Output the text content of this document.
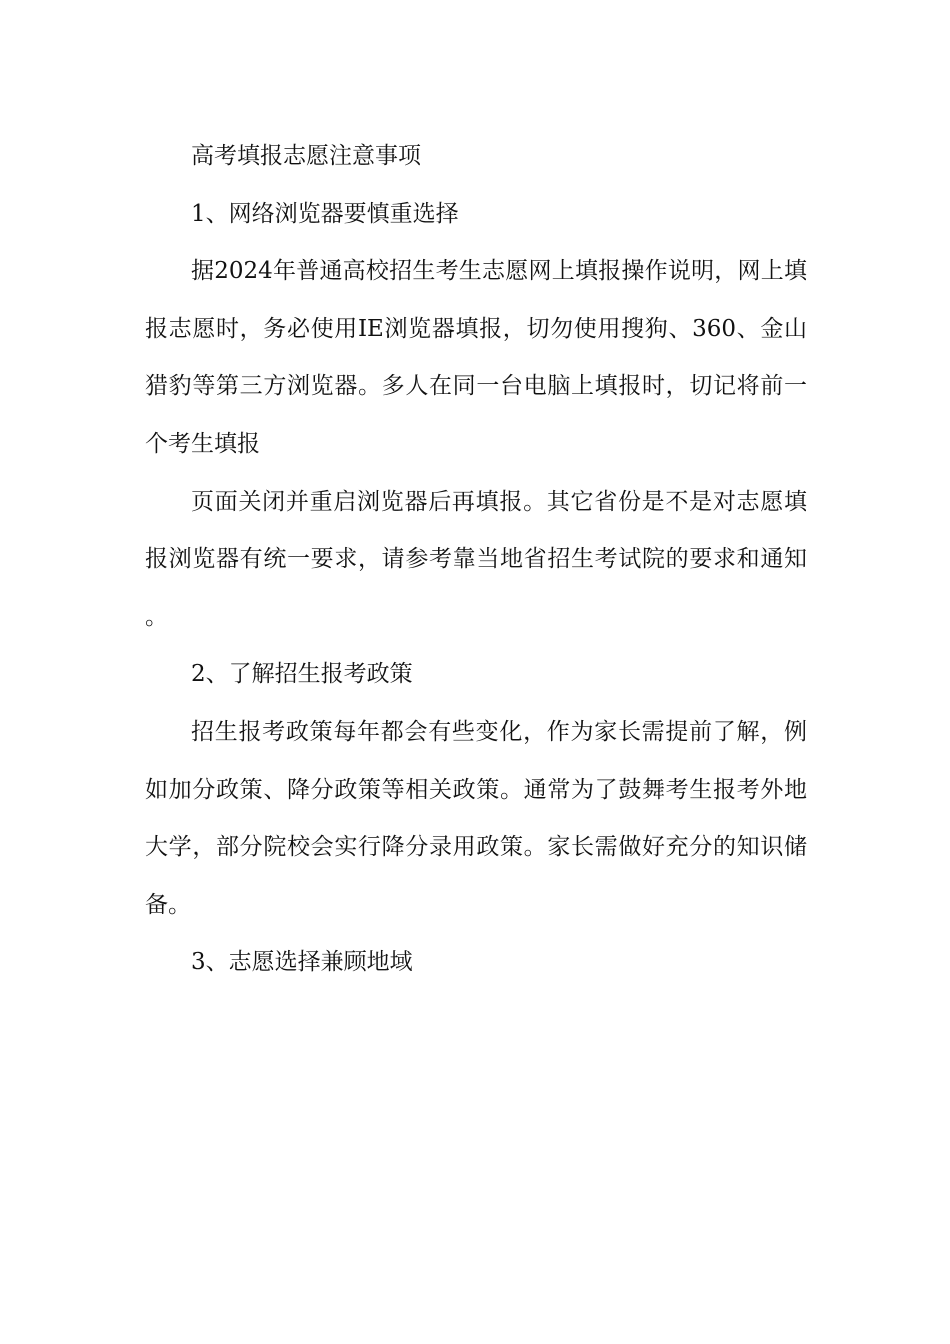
高考填报志愿注意事项

1、网络浏览器要慎重选择

据2024年普通高校招生考生志愿网上填报操作说明，网上填报志愿时，务必使用IE浏览器填报，切勿使用搜狗、360、金山猎豹等第三方浏览器。多人在同一台电脑上填报时，切记将前一个考生填报

页面关闭并重启浏览器后再填报。其它省份是不是对志愿填报浏览器有统一要求，请参考靠当地省招生考试院的要求和通知。

2、了解招生报考政策

招生报考政策每年都会有些变化，作为家长需提前了解，例如加分政策、降分政策等相关政策。通常为了鼓舞考生报考外地大学，部分院校会实行降分录用政策。家长需做好充分的知识储备。

3、志愿选择兼顾地域
